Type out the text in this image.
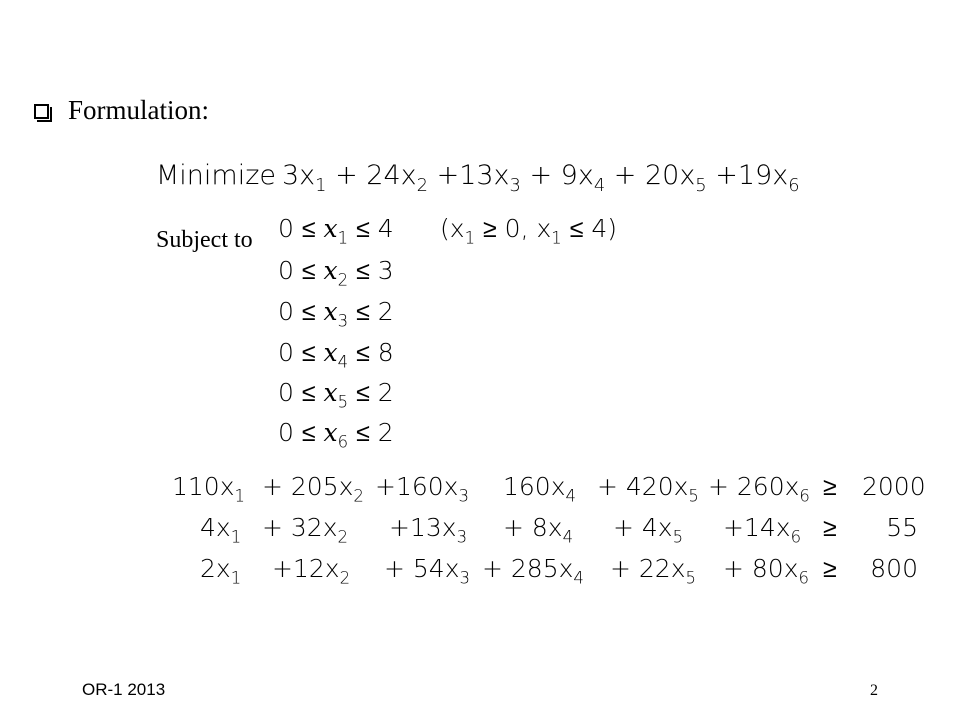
Formulation:
Minimize $3x_1 + 24x_2 +13x_3 + 9x_4 + 20x_5 +19x_6$
Subject to $0 \le x_1 \le 4$
$0 \le x_2 \le 3$
$0 \le x_3 \le 2$
$0 \le x_4 \le 8$
$0 \le x_5 \le 2$
$0 \le x_6 \le 2$
($x_1 \ge 0$, $x_1 \le 4$)
$110x_1 + 205x_2 +160x_3$ $160x_4 + 420x_5 + 260x_6 \ge 2000$
$4x_1 + 32x_2 +13x_3 + 8x_4 + 4x_5 +14x_6$ ≥	55
$2x_1 +12x_2 + 54x_3 + 285x_4 + 22x_5 + 80x_6$ ≥	800
OR-1 2013	2
